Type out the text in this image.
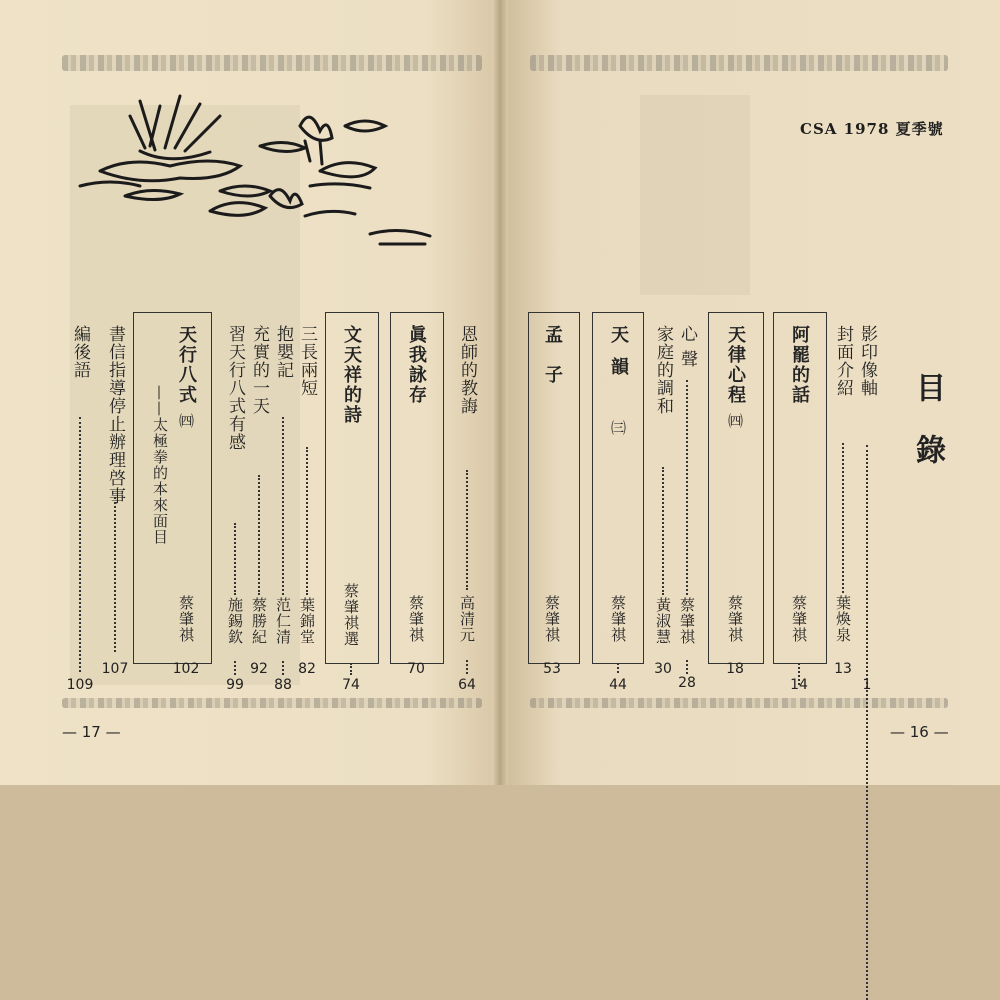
CSA 1978 夏季號
目錄
影印像軸
1
封面介紹
葉煥泉
13
阿罷的話
蔡肇祺
14
天律心程
㈣
蔡肇祺
18
心聲
蔡肇祺
28
家庭的調和
黃淑慧
30
天韻
㈢
蔡肇祺
44
孟子
蔡肇祺
53
恩師的教誨
高清元
64
眞我詠存
蔡肇祺
70
文天祥的詩
蔡肇祺選
74
三長兩短
葉錦堂
82
抱嬰記
范仁清
88
充實的一天
蔡勝紀
92
習天行八式有感
施錫欽
99
天行八式
㈣
——太極拳的本來面目
蔡肇祺
102
書信指導停止辦理啓事
107
編後語
109
— 17 —	— 16 —
